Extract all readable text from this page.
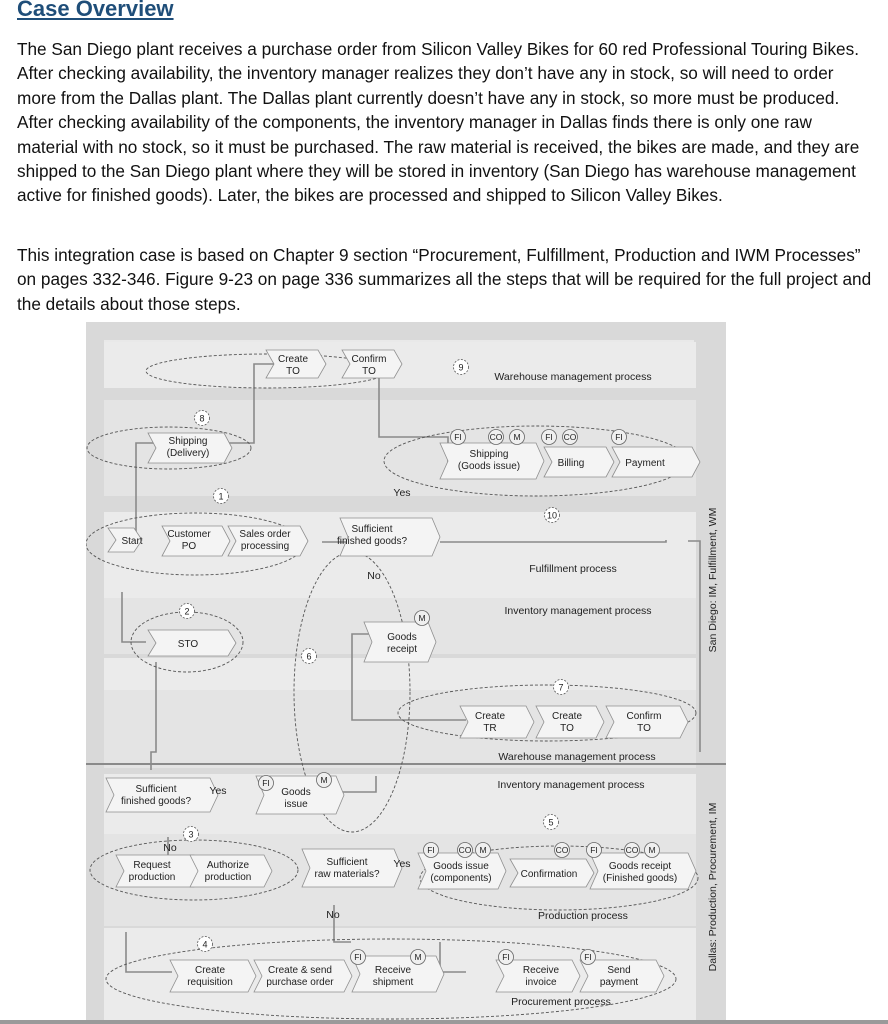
Case Overview

The San Diego plant receives a purchase order from Silicon Valley Bikes for 60 red Professional Touring Bikes. After checking availability, the inventory manager realizes they don’t have any in stock, so will need to order more from the Dallas plant. The Dallas plant currently doesn’t have any in stock, so more must be produced. After checking availability of the components, the inventory manager in Dallas finds there is only one raw material with no stock, so it must be purchased. The raw material is received, the bikes are made, and they are shipped to the San Diego plant where they will be stored in inventory (San Diego has warehouse management active for finished goods). Later, the bikes are processed and shipped to Silicon Valley Bikes.

This integration case is based on Chapter 9 section “Procurement, Fulfillment, Production and IWM Processes” on pages 332-346. Figure 9-23 on page 336 summarizes all the steps that will be required for the full project and the details about those steps.

San Diego: IM, Fulfillment, WM
Dallas: Production, Procurement, IM
Warehouse management process
Fulfillment process
Inventory management process
Warehouse management process
Inventory management process
Production process
Procurement process
9
8
1
10
2
6
7
3
5
4
Create
TO
Confirm
TO
Shipping
(Delivery)	Shipping
(Goods issue)	Billing	Payment
FI	CO M	FI CO	FI
Yes
Start
Customer
PO
Sales order
processing
Sufficient
finished goods?
No
STO
Goods
receipt
M
Create
TR
Create
TO
Confirm
TO
Sufficient
finished goods?
Yes	Goods
issue
FI	M
No
Request
production
Authorize
production
Sufficient
raw materials?
Yes Goods issue
(components)	Confirmation
Goods receipt
(Finished goods)
FI	CO M	CO	FI	CO M
No
Create
requisition
Create & send
purchase order
Receive
shipment
FI	M
Receive
invoice
Send
payment
FI	FI
